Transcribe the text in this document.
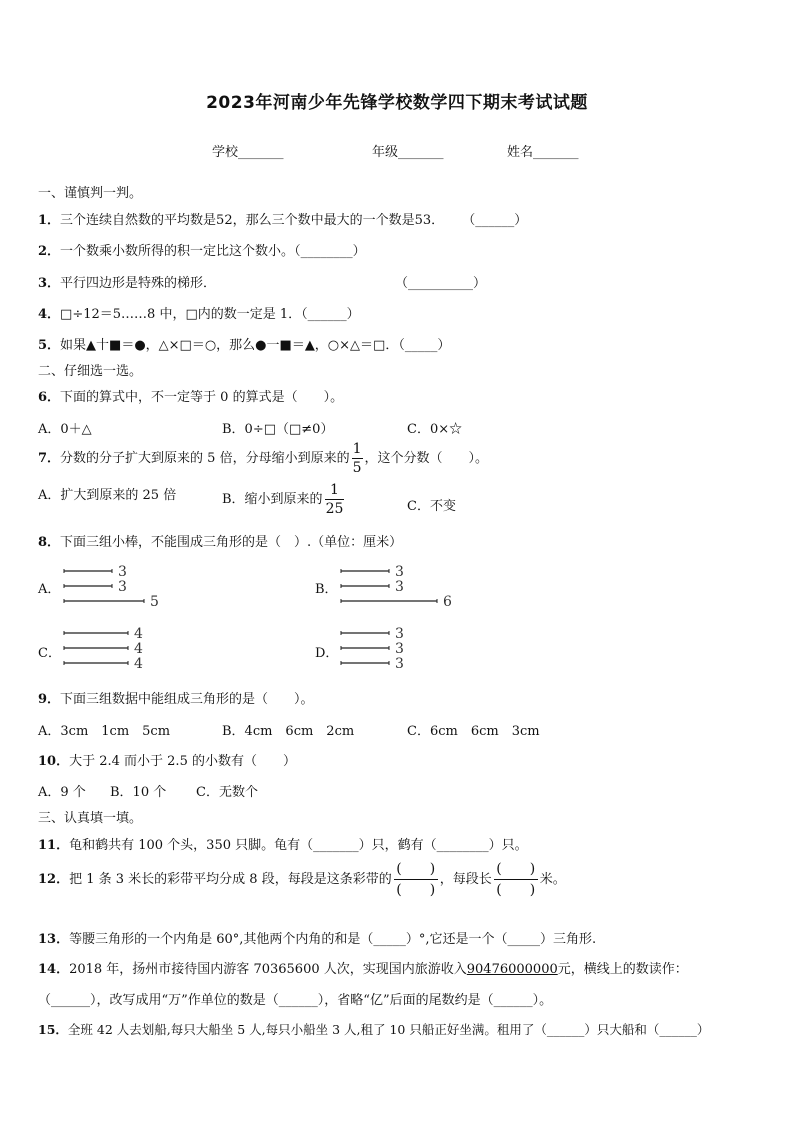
2023年河南少年先锋学校数学四下期末考试试题
学校_______	年级_______	姓名_______
一、谨慎判一判。
1．三个连续自然数的平均数是52，那么三个数中最大的一个数是53． （______）
2．一个数乘小数所得的积一定比这个数小。（________）
3．平行四边形是特殊的梯形．	（__________）
4．□÷12＝5……8 中，□内的数一定是 1．（______）
5．如果▲十■＝●，△×□＝○，那么●一■＝▲，○×△＝□．（_____）
二、仔细选一选。
6．下面的算式中，不一定等于 0 的算式是（　　）。
A．0＋△	B．0÷□（□≠0）	C．0×☆
7．分数的分子扩大到原来的 5 倍，分母缩小到原来的 $\frac{1}{5}$ ，这个分数（　　）。
A．扩大到原来的 25 倍	B．缩小到原来的 $\frac{1}{25}$	C．不变
8．下面三组小棒，不能围成三角形的是（　）.（单位：厘米）
A．
3
3
5
B．
3
3
6
C．
4
4
4
D．
3
3
3
9．下面三组数据中能组成三角形的是（　　）。
A．3cm　1cm　5cm	B．4cm　6cm　2cm	C．6cm　6cm　3cm
10．大于 2.4 而小于 2.5 的小数有（　　）
A．9 个 B．10 个 C．无数个
三、认真填一填。
11．龟和鹤共有 100 个头，350 只脚。龟有（_______）只，鹤有（________）只。
12．把 1 条 3 米长的彩带平均分成 8 段，每段是这条彩带的
(　　)
(　　)
，每段长
(　　)
(　　)
米。
13．等腰三角形的一个内角是 60°,其他两个内角的和是（_____）°,它还是一个（_____）三角形.
14．2018 年，扬州市接待国内游客 70365600 人次，实现国内旅游收入90476000000元，横线上的数读作：
（______），改写成用“万”作单位的数是（______），省略“亿”后面的尾数约是（______）。
15．全班 42 人去划船,每只大船坐 5 人,每只小船坐 3 人,租了 10 只船正好坐满。租用了（______）只大船和（______）
